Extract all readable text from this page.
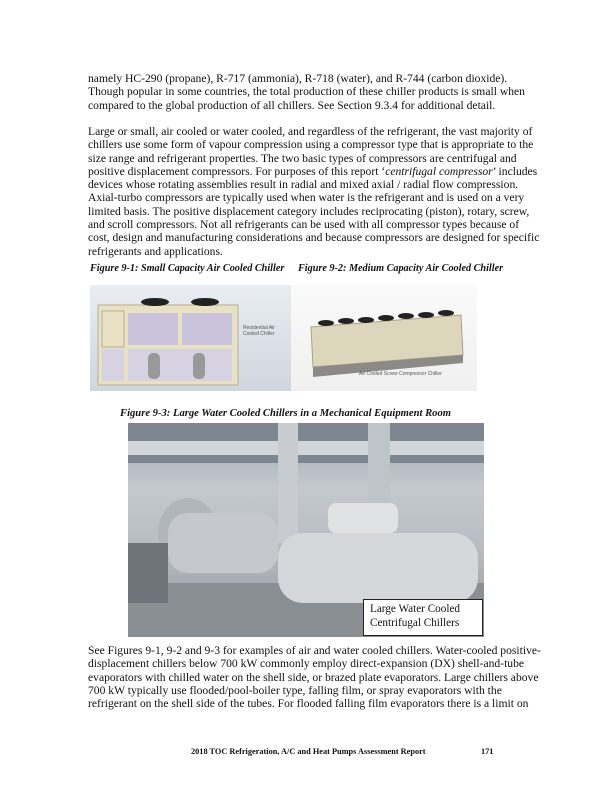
namely HC-290 (propane), R-717 (ammonia), R-718 (water), and R-744 (carbon dioxide).
Though popular in some countries, the total production of these chiller products is small when
compared to the global production of all chillers. See Section 9.3.4 for additional detail.
Large or small, air cooled or water cooled, and regardless of the refrigerant, the vast majority of
chillers use some form of vapour compression using a compressor type that is appropriate to the
size range and refrigerant properties. The two basic types of compressors are centrifugal and
positive displacement compressors. For purposes of this report ‘centrifugal compressor’ includes
devices whose rotating assemblies result in radial and mixed axial / radial flow compression.
Axial-turbo compressors are typically used when water is the refrigerant and is used on a very
limited basis. The positive displacement category includes reciprocating (piston), rotary, screw,
and scroll compressors. Not all refrigerants can be used with all compressor types because of
cost, design and manufacturing considerations and because compressors are designed for specific
refrigerants and applications.
Figure 9-1: Small Capacity Air Cooled Chiller Figure 9-2: Medium Capacity Air Cooled Chiller
Residential Air Cooled Chiller
Air Cooled Screw Compressor Chiller
Figure 9-3: Large Water Cooled Chillers in a Mechanical Equipment Room
Large Water Cooled
Centrifugal Chillers
See Figures 9-1, 9-2 and 9-3 for examples of air and water cooled chillers. Water-cooled positive-
displacement chillers below 700 kW commonly employ direct-expansion (DX) shell-and-tube
evaporators with chilled water on the shell side, or brazed plate evaporators. Large chillers above
700 kW typically use flooded/pool-boiler type, falling film, or spray evaporators with the
refrigerant on the shell side of the tubes. For flooded falling film evaporators there is a limit on
2018 TOC Refrigeration, A/C and Heat Pumps Assessment Report	171
